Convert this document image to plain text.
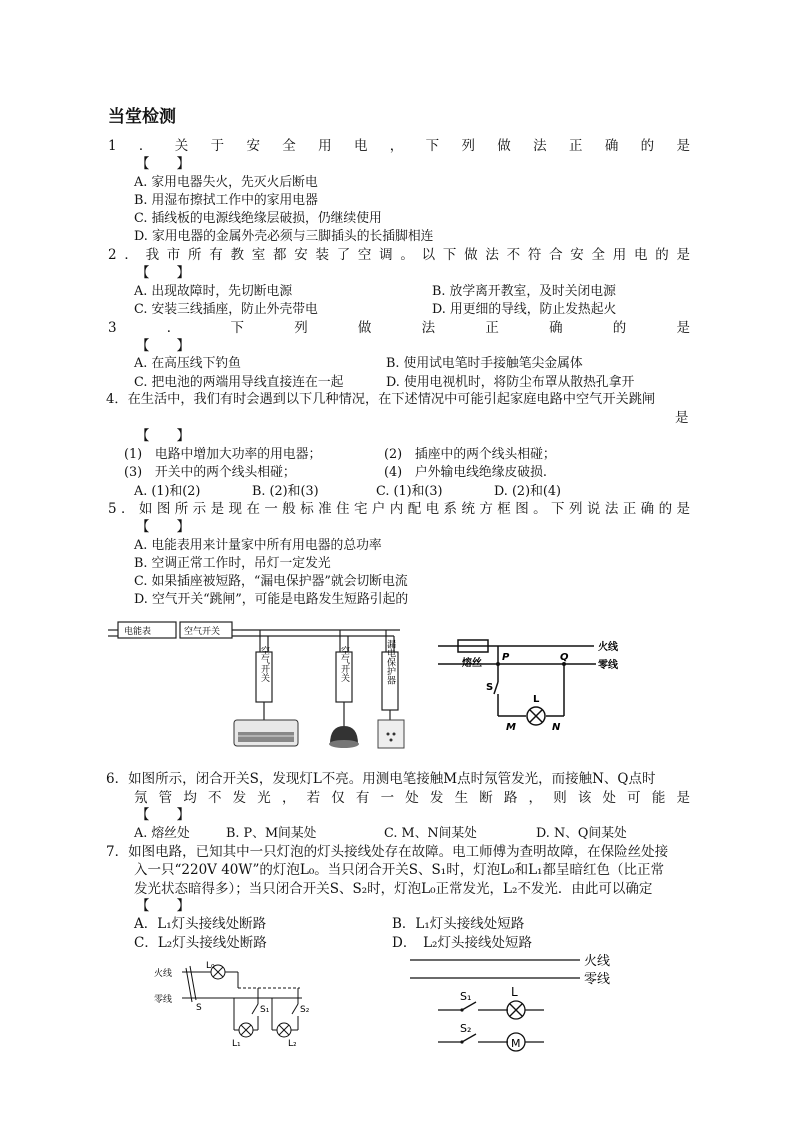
当堂检测
1．关于安全用电，下列做法正确的是
【　　】
A. 家用电器失火，先灭火后断电
B. 用湿布擦拭工作中的家用电器
C. 插线板的电源线绝缘层破损，仍继续使用
D. 家用电器的金属外壳必须与三脚插头的长插脚相连
2．我市所有教室都安装了空调。以下做法不符合安全用电的是
【　　】
A. 出现故障时，先切断电源	B. 放学离开教室，及时关闭电源
C. 安装三线插座，防止外壳带电	D. 用更细的导线，防止发热起火
3．下列做法正确的是
【　　】
A. 在高压线下钓鱼	B. 使用试电笔时手接触笔尖金属体
C. 把电池的两端用导线直接连在一起	D. 使用电视机时，将防尘布罩从散热孔拿开
4．在生活中，我们有时会遇到以下几种情况，在下述情况中可能引起家庭电路中空气开关跳闸
是
【　　】
(1)　电路中增加大功率的用电器；	(2)　插座中的两个线头相碰；
(3)　开关中的两个线头相碰；	(4)　户外输电线绝缘皮破损.
A. (1)和(2)	B. (2)和(3)	C. (1)和(3)	D. (2)和(4)
5．如图所示是现在一般标准住宅户内配电系统方框图。下列说法正确的是
【　　】
A. 电能表用来计量家中所有用电器的总功率
B. 空调正常工作时，吊灯一定发光
C. 如果插座被短路，“漏电保护器”就会切断电流
D. 空气开关“跳闸”，可能是电路发生短路引起的
电能表	空气开关
空气开关	空气开关	漏电保护器	熔丝
火线
零线
P	Q
S
L
M	N
6．如图所示，闭合开关S，发现灯L不亮。用测电笔接触M点时氖管发光，而接触N、Q点时
氖管均不发光，若仅有一处发生断路，则该处可能是
【　　】
A. 熔丝处	B. P、M间某处	C. M、N间某处	D. N、Q间某处
7．如图电路，已知其中一只灯泡的灯头接线处存在故障。电工师傅为查明故障，在保险丝处接
入一只“220V 40W”的灯泡L₀。当只闭合开关S、S₁时，灯泡L₀和L₁都呈暗红色（比正常
发光状态暗得多）；当只闭合开关S、S₂时，灯泡L₀正常发光，L₂不发光．由此可以确定
【　　】
A．L₁灯头接线处断路	B．L₁灯头接线处短路
C．L₂灯头接线处断路	D．　L₂灯头接线处短路
火线
零线
L₀
S	S₁	S₂
L₁	L₂
火线
零线
S₁
S₂
L
M
